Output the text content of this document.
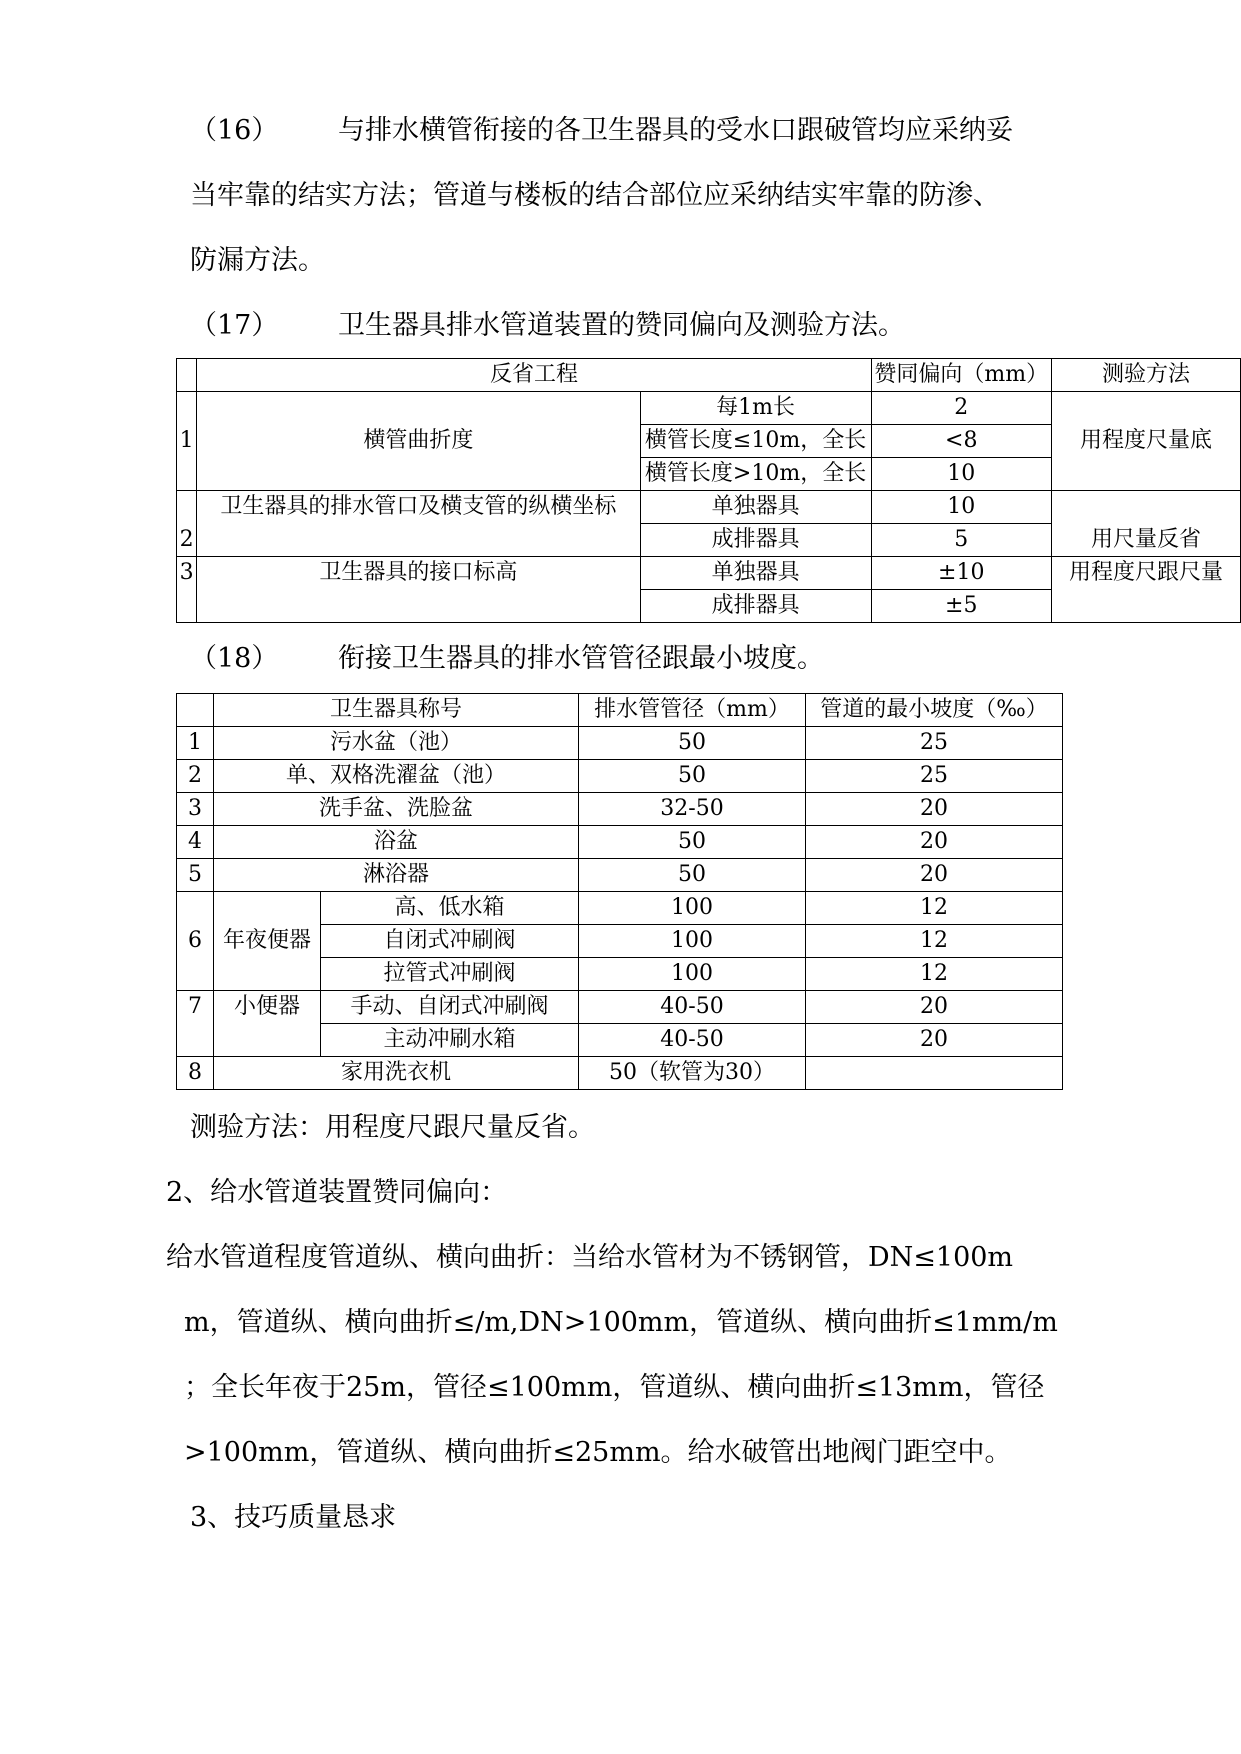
（16） 与排水横管衔接的各卫生器具的受水口跟破管均应采纳妥
当牢靠的结实方法；管道与楼板的结合部位应采纳结实牢靠的防渗、
防漏方法。
（17） 卫生器具排水管道装置的赞同偏向及测验方法。
	反省工程		赞同偏向（mm）	测验方法
1	横管曲折度	每1m长	2	用程度尺量底
		横管长度≤10m，全长	<8	
		横管长度>10m，全长	10	
2	卫生器具的排水管口及横支管的纵横坐标	单独器具	10	用尺量反省
		成排器具	5	
3	卫生器具的接口标高	单独器具	±10	用程度尺跟尺量
		成排器具	±5	
（18） 衔接卫生器具的排水管管径跟最小坡度。
	卫生器具称号		排水管管径（mm）	管道的最小坡度（‰）
1	污水盆（池）		50	25
2	单、双格洗濯盆（池）		50	25
3	洗手盆、洗脸盆		32-50	20
4	浴盆		50	20
5	淋浴器		50	20
6	年夜便器	高、低水箱	100	12
		自闭式冲刷阀	100	12
		拉管式冲刷阀	100	12
7	小便器	手动、自闭式冲刷阀	40-50	20
		主动冲刷水箱	40-50	20
8	家用洗衣机		50（软管为30）	
测验方法：用程度尺跟尺量反省。
2、给水管道装置赞同偏向：
给水管道程度管道纵、横向曲折：当给水管材为不锈钢管，DN≤100m
m，管道纵、横向曲折≤/m,DN>100mm，管道纵、横向曲折≤1mm/m
；全长年夜于25m，管径≤100mm，管道纵、横向曲折≤13mm，管径
>100mm，管道纵、横向曲折≤25mm。给水破管出地阀门距空中。
3、技巧质量恳求
